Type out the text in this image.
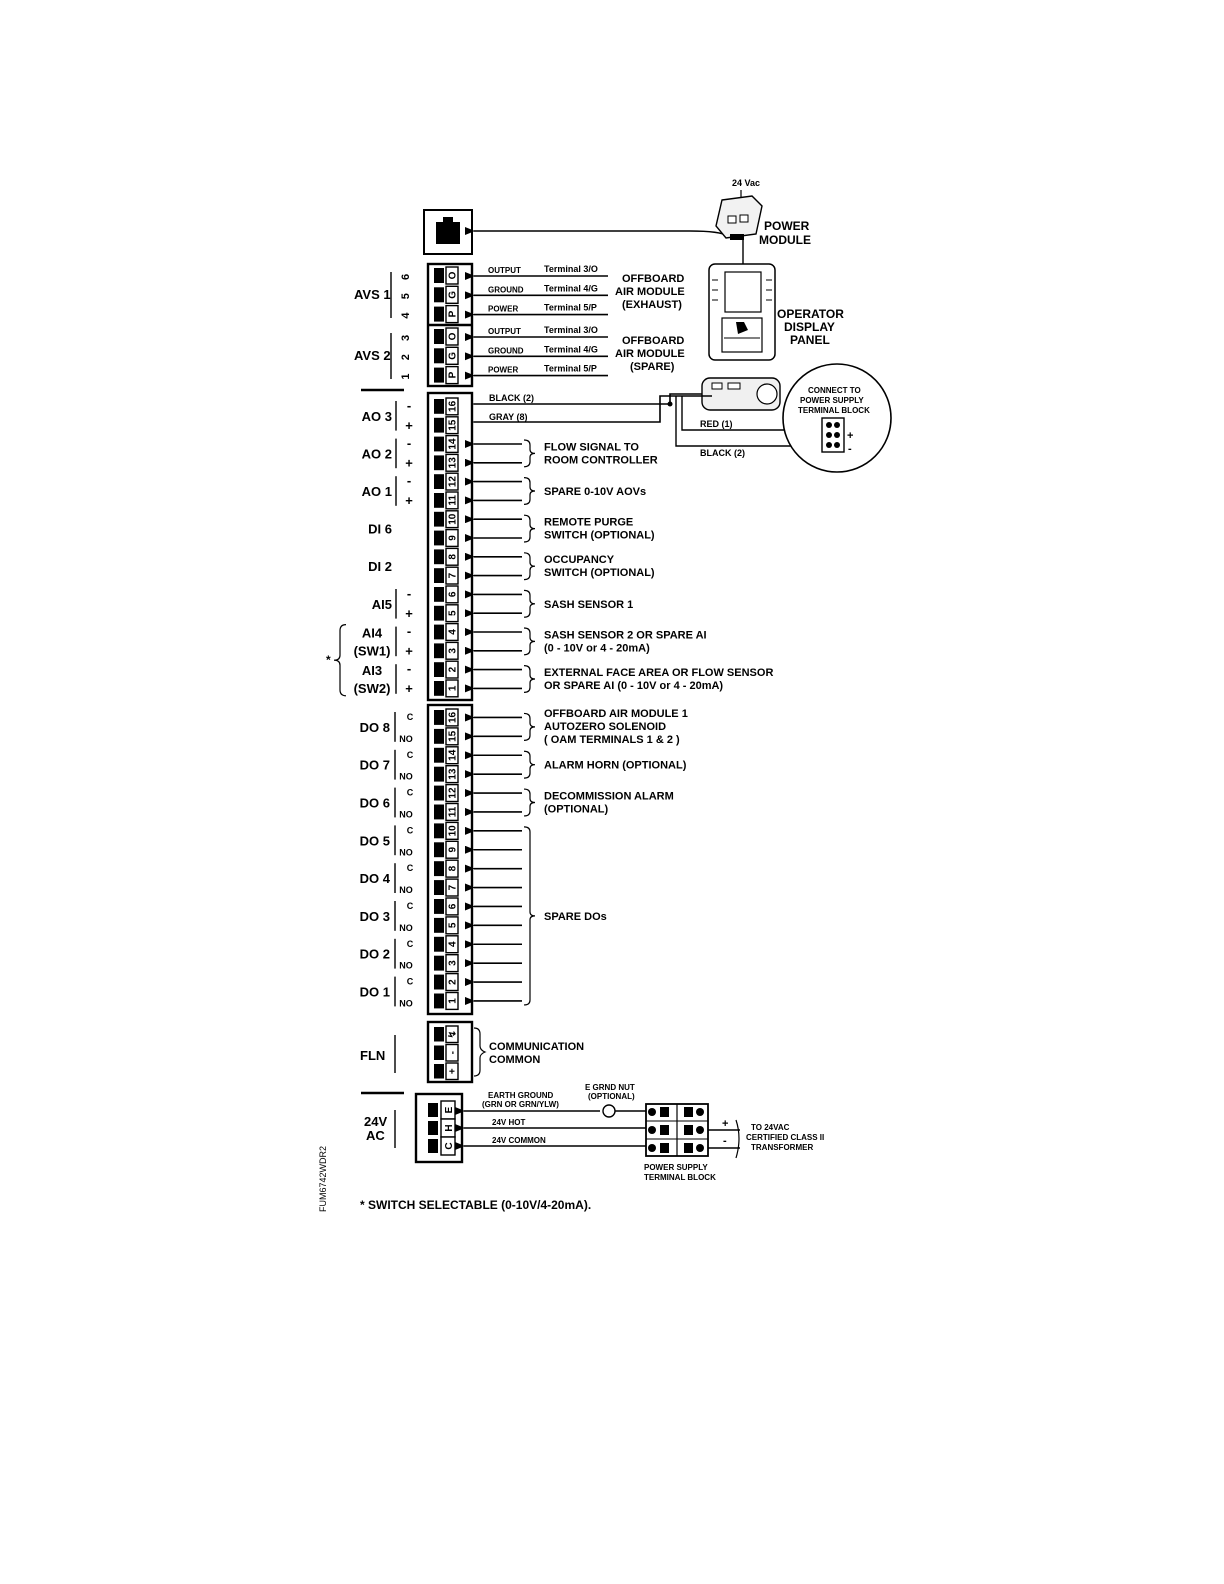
24 Vac
POWER
MODULE
OPERATOR
DISPLAY
PANEL
O
6
OUTPUT	Terminal 3/O
G
5
GROUND Terminal 4/G
P
4
POWER	Terminal 5/P
O
3
OUTPUT	Terminal 3/O
G
2
GROUND Terminal 4/G
P
1
POWER	Terminal 5/P
AVS 1
AVS 2
OFFBOARD
AIR MODULE
(EXHAUST)
OFFBOARD
AIR MODULE
(SPARE)
BLACK (2)
GRAY (8)
RED (1)
BLACK (2)
CONNECT TO
POWER SUPPLY
TERMINAL BLOCK
+
-
16
15
14
13
12
11
10
9
8
7
6
5
4
3
2
1
AO 3
-
+
AO 2
-
+
AO 1
-
+
DI 6
DI 2
AI5
-
+
AI4
(SW1)
-
+
AI3
(SW2)
-
+
*
FLOW SIGNAL TO
ROOM CONTROLLER
SPARE 0-10V AOVs
REMOTE PURGE
SWITCH (OPTIONAL)
OCCUPANCY
SWITCH (OPTIONAL)
SASH SENSOR 1
SASH SENSOR 2 OR SPARE AI
(0 - 10V or 4 - 20mA)
EXTERNAL FACE AREA OR FLOW SENSOR
OR SPARE AI (0 - 10V or 4 - 20mA)
16
15
14
13
12
11
10
9
8
7
6
5
4
3
2
1
DO 8
C
NO
DO 7
C
NO
DO 6
C
NO
DO 5
C
NO
DO 4
C
NO
DO 3
C
NO
DO 2
C
NO
DO 1
C
NO
OFFBOARD AIR MODULE 1
AUTOZERO SOLENOID
( OAM TERMINALS 1 & 2 )
ALARM HORN (OPTIONAL)
DECOMMISSION ALARM
(OPTIONAL)
SPARE DOs
↯
-
+
FLN
COMMUNICATION
COMMON
E
H
C
24V
AC
EARTH GROUND
(GRN OR GRN/YLW)
24V HOT
24V COMMON
E GRND NUT
(OPTIONAL)
POWER SUPPLY
TERMINAL BLOCK
+
-
TO 24VAC
CERTIFIED CLASS II
TRANSFORMER
FUM6742WDR2	* SWITCH SELECTABLE (0-10V/4-20mA).
